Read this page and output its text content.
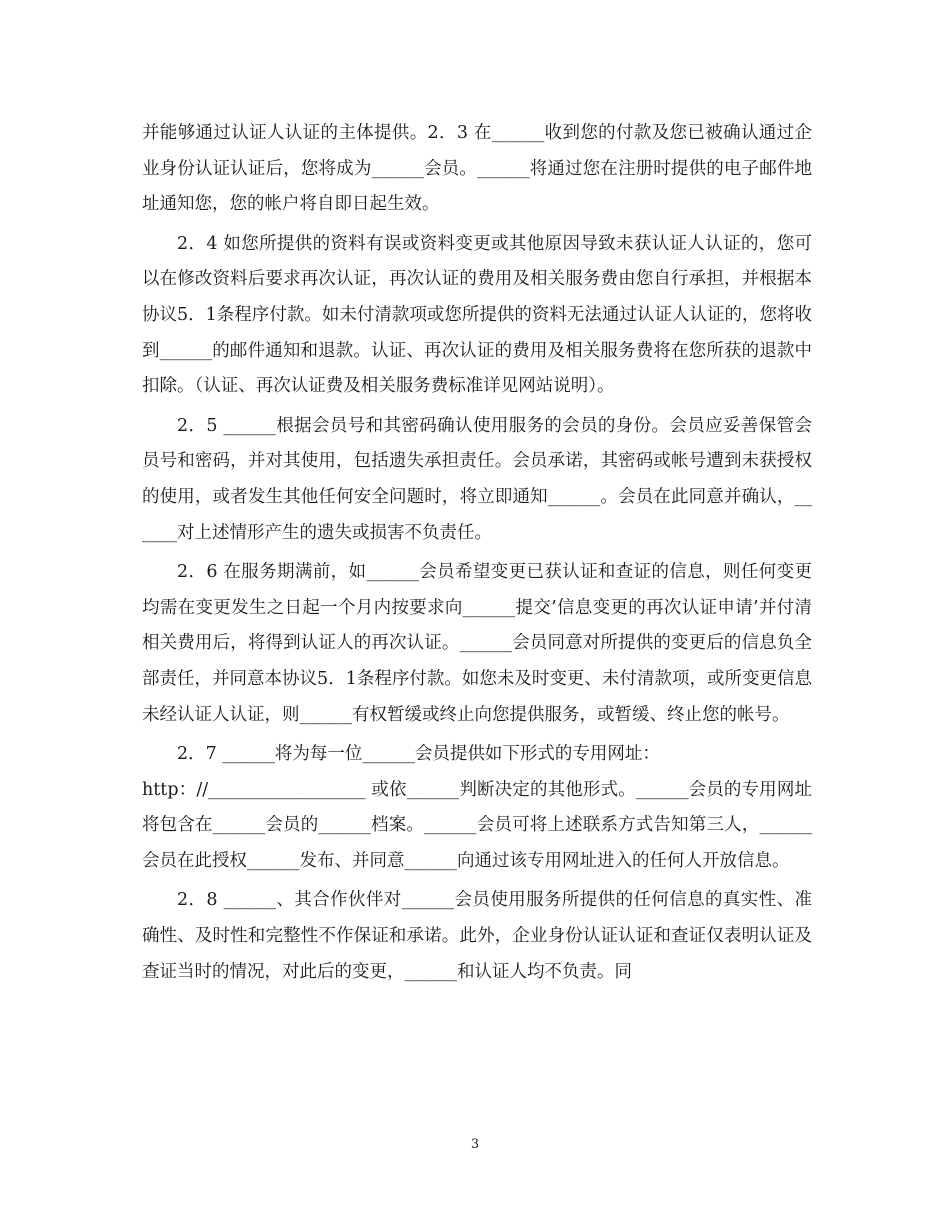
并能够通过认证人认证的主体提供。2．3 在______收到您的付款及您已被确认通过企业身份认证认证后，您将成为______会员。______将通过您在注册时提供的电子邮件地址通知您，您的帐户将自即日起生效。

2．4 如您所提供的资料有误或资料变更或其他原因导致未获认证人认证的，您可以在修改资料后要求再次认证，再次认证的费用及相关服务费由您自行承担，并根据本协议5．1条程序付款。如未付清款项或您所提供的资料无法通过认证人认证的，您将收到______的邮件通知和退款。认证、再次认证的费用及相关服务费将在您所获的退款中扣除。（认证、再次认证费及相关服务费标准详见网站说明）。

2．5 ______根据会员号和其密码确认使用服务的会员的身份。会员应妥善保管会员号和密码，并对其使用，包括遗失承担责任。会员承诺，其密码或帐号遭到未获授权的使用，或者发生其他任何安全问题时，将立即通知______。会员在此同意并确认，______对上述情形产生的遗失或损害不负责任。

2．6 在服务期满前，如______会员希望变更已获认证和查证的信息，则任何变更均需在变更发生之日起一个月内按要求向______提交’信息变更的再次认证申请’并付清相关费用后，将得到认证人的再次认证。______会员同意对所提供的变更后的信息负全部责任，并同意本协议5．1条程序付款。如您未及时变更、未付清款项，或所变更信息未经认证人认证，则______有权暂缓或终止向您提供服务，或暂缓、终止您的帐号。

2．7 ______将为每一位______会员提供如下形式的专用网址：

http：//__________________ 或依______判断决定的其他形式。______会员的专用网址将包含在______会员的______档案。______会员可将上述联系方式告知第三人，______会员在此授权______发布、并同意______向通过该专用网址进入的任何人开放信息。

2．8 ______、其合作伙伴对______会员使用服务所提供的任何信息的真实性、准确性、及时性和完整性不作保证和承诺。此外，企业身份认证认证和查证仅表明认证及查证当时的情况，对此后的变更，______和认证人均不负责。同

3
